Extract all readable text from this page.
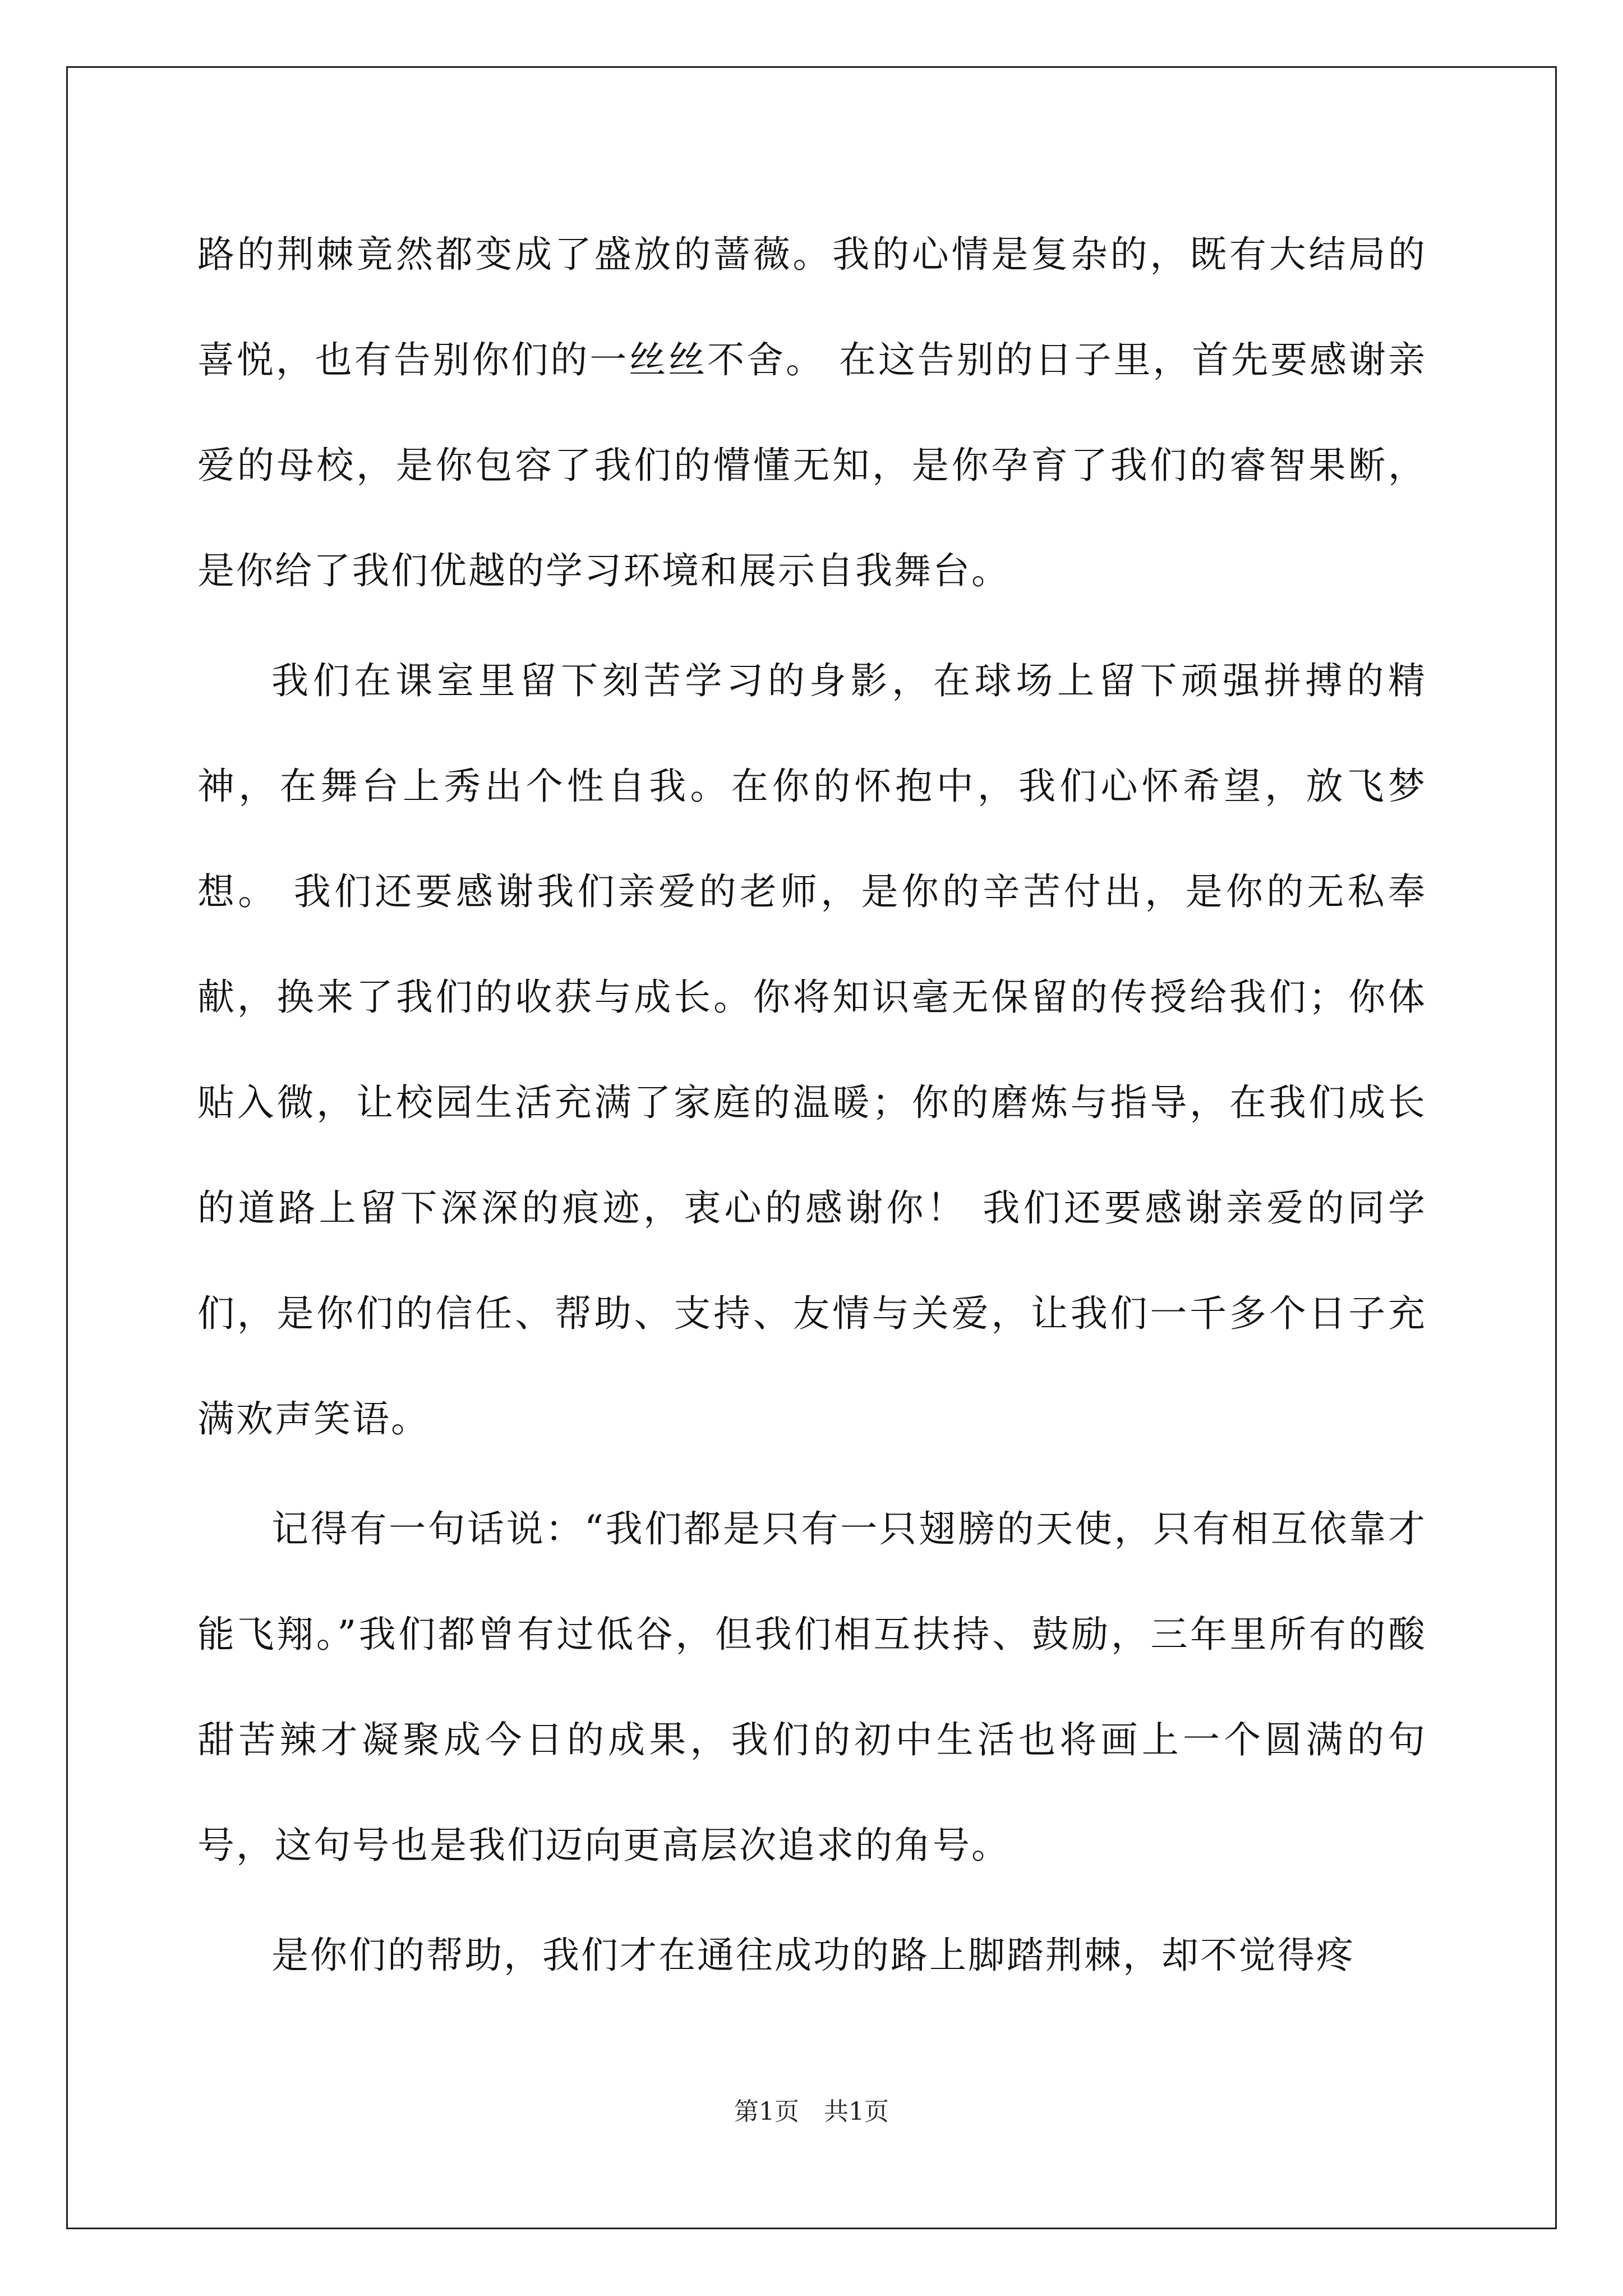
路的荆棘竟然都变成了盛放的蔷薇。我的心情是复杂的，既有大结局的喜悦，也有告别你们的一丝丝不舍。 在这告别的日子里，首先要感谢亲爱的母校，是你包容了我们的懵懂无知，是你孕育了我们的睿智果断，是你给了我们优越的学习环境和展示自我舞台。

我们在课室里留下刻苦学习的身影，在球场上留下顽强拼搏的精神，在舞台上秀出个性自我。在你的怀抱中，我们心怀希望，放飞梦想。 我们还要感谢我们亲爱的老师，是你的辛苦付出，是你的无私奉献，换来了我们的收获与成长。你将知识毫无保留的传授给我们；你体贴入微，让校园生活充满了家庭的温暖；你的磨炼与指导，在我们成长的道路上留下深深的痕迹，衷心的感谢你！ 我们还要感谢亲爱的同学们，是你们的信任、帮助、支持、友情与关爱，让我们一千多个日子充满欢声笑语。

记得有一句话说：“我们都是只有一只翅膀的天使，只有相互依靠才能飞翔。”我们都曾有过低谷，但我们相互扶持、鼓励，三年里所有的酸甜苦辣才凝聚成今日的成果，我们的初中生活也将画上一个圆满的句号，这句号也是我们迈向更高层次追求的角号。

是你们的帮助，我们才在通往成功的路上脚踏荆棘，却不觉得疼

第1页 共1页
